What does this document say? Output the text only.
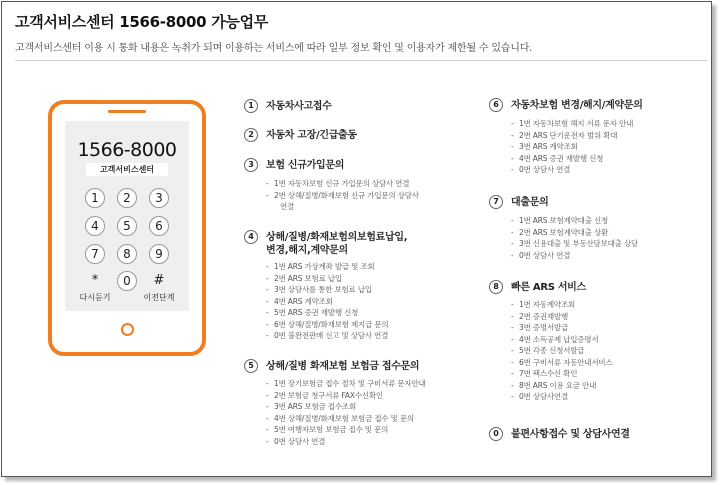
고객서비스센터 1566-8000 가능업무
고객서비스센터 이용 시 통화 내용은 녹취가 되며 이용하는 서비스에 따라 일부 정보 확인 및 이용자가 제한될 수 있습니다.
1566-8000
고객서비스센터
1	2	3
4	5	6
7	8	9
*	0	#
다시듣기	이전단계
1	자동차사고접수
2	자동차 고장/긴급출동
3	보험 신규가입문의
- 1번 자동차보험 신규 가입문의 상담사 연결
- 2번 상해/질병/화재보험 신규 가입문의 상담사
연결
4	상해/질병/화재보험의보험료납입,
변경,해지,계약문의
- 1번 ARS 가상계좌 발급 및 조회
- 2번 ARS 보험료 납입
- 3번 상담사를 통한 보험료 납입
- 4번 ARS 계약조회
- 5번 ARS 증권 재발행 신청
- 6번 상해/질병/화재보험 제지급 문의
- 0번 불완전판매 신고 및 상담사 연결
5	상해/질병 화재보험 보험금 접수문의
- 1번 장기보험금 접수 절차 및 구비서류 문자안내
- 2번 보험금 청구서류 FAX수신확인
- 3번 ARS 보험금 접수조회
- 4번 상해/질병/화재보험 보험금 접수 및 문의
- 5번 여행자보험 보험금 접수 및 문의
- 0번 상담사 연결
6	자동차보험 변경/해지/계약문의
- 1번 자동차보험 해지 서류 문자 안내
- 2번 ARS 단기운전자 범위 확대
- 3번 ARS 계약조회
- 4번 ARS 증권 재발행 신청
- 0번 상담사 연결
7	대출문의
- 1번 ARS 보험계약대출 신청
- 2번 ARS 보험계약대출 상환
- 3번 신용대출 및 부동산담보대출 상담
- 0번 상담사 연결
8	빠른 ARS 서비스
- 1번 자동계약조회
- 2번 증권재발행
- 3번 증명서발급
- 4번 소득공제 납입증명서
- 5번 각종 신청서발급
- 6번 구비서류 자동안내서비스
- 7번 팩스수신 확인
- 8번 ARS 이용 요금 안내
- 0번 상담사연결
0	불편사항접수 및 상담사연결
